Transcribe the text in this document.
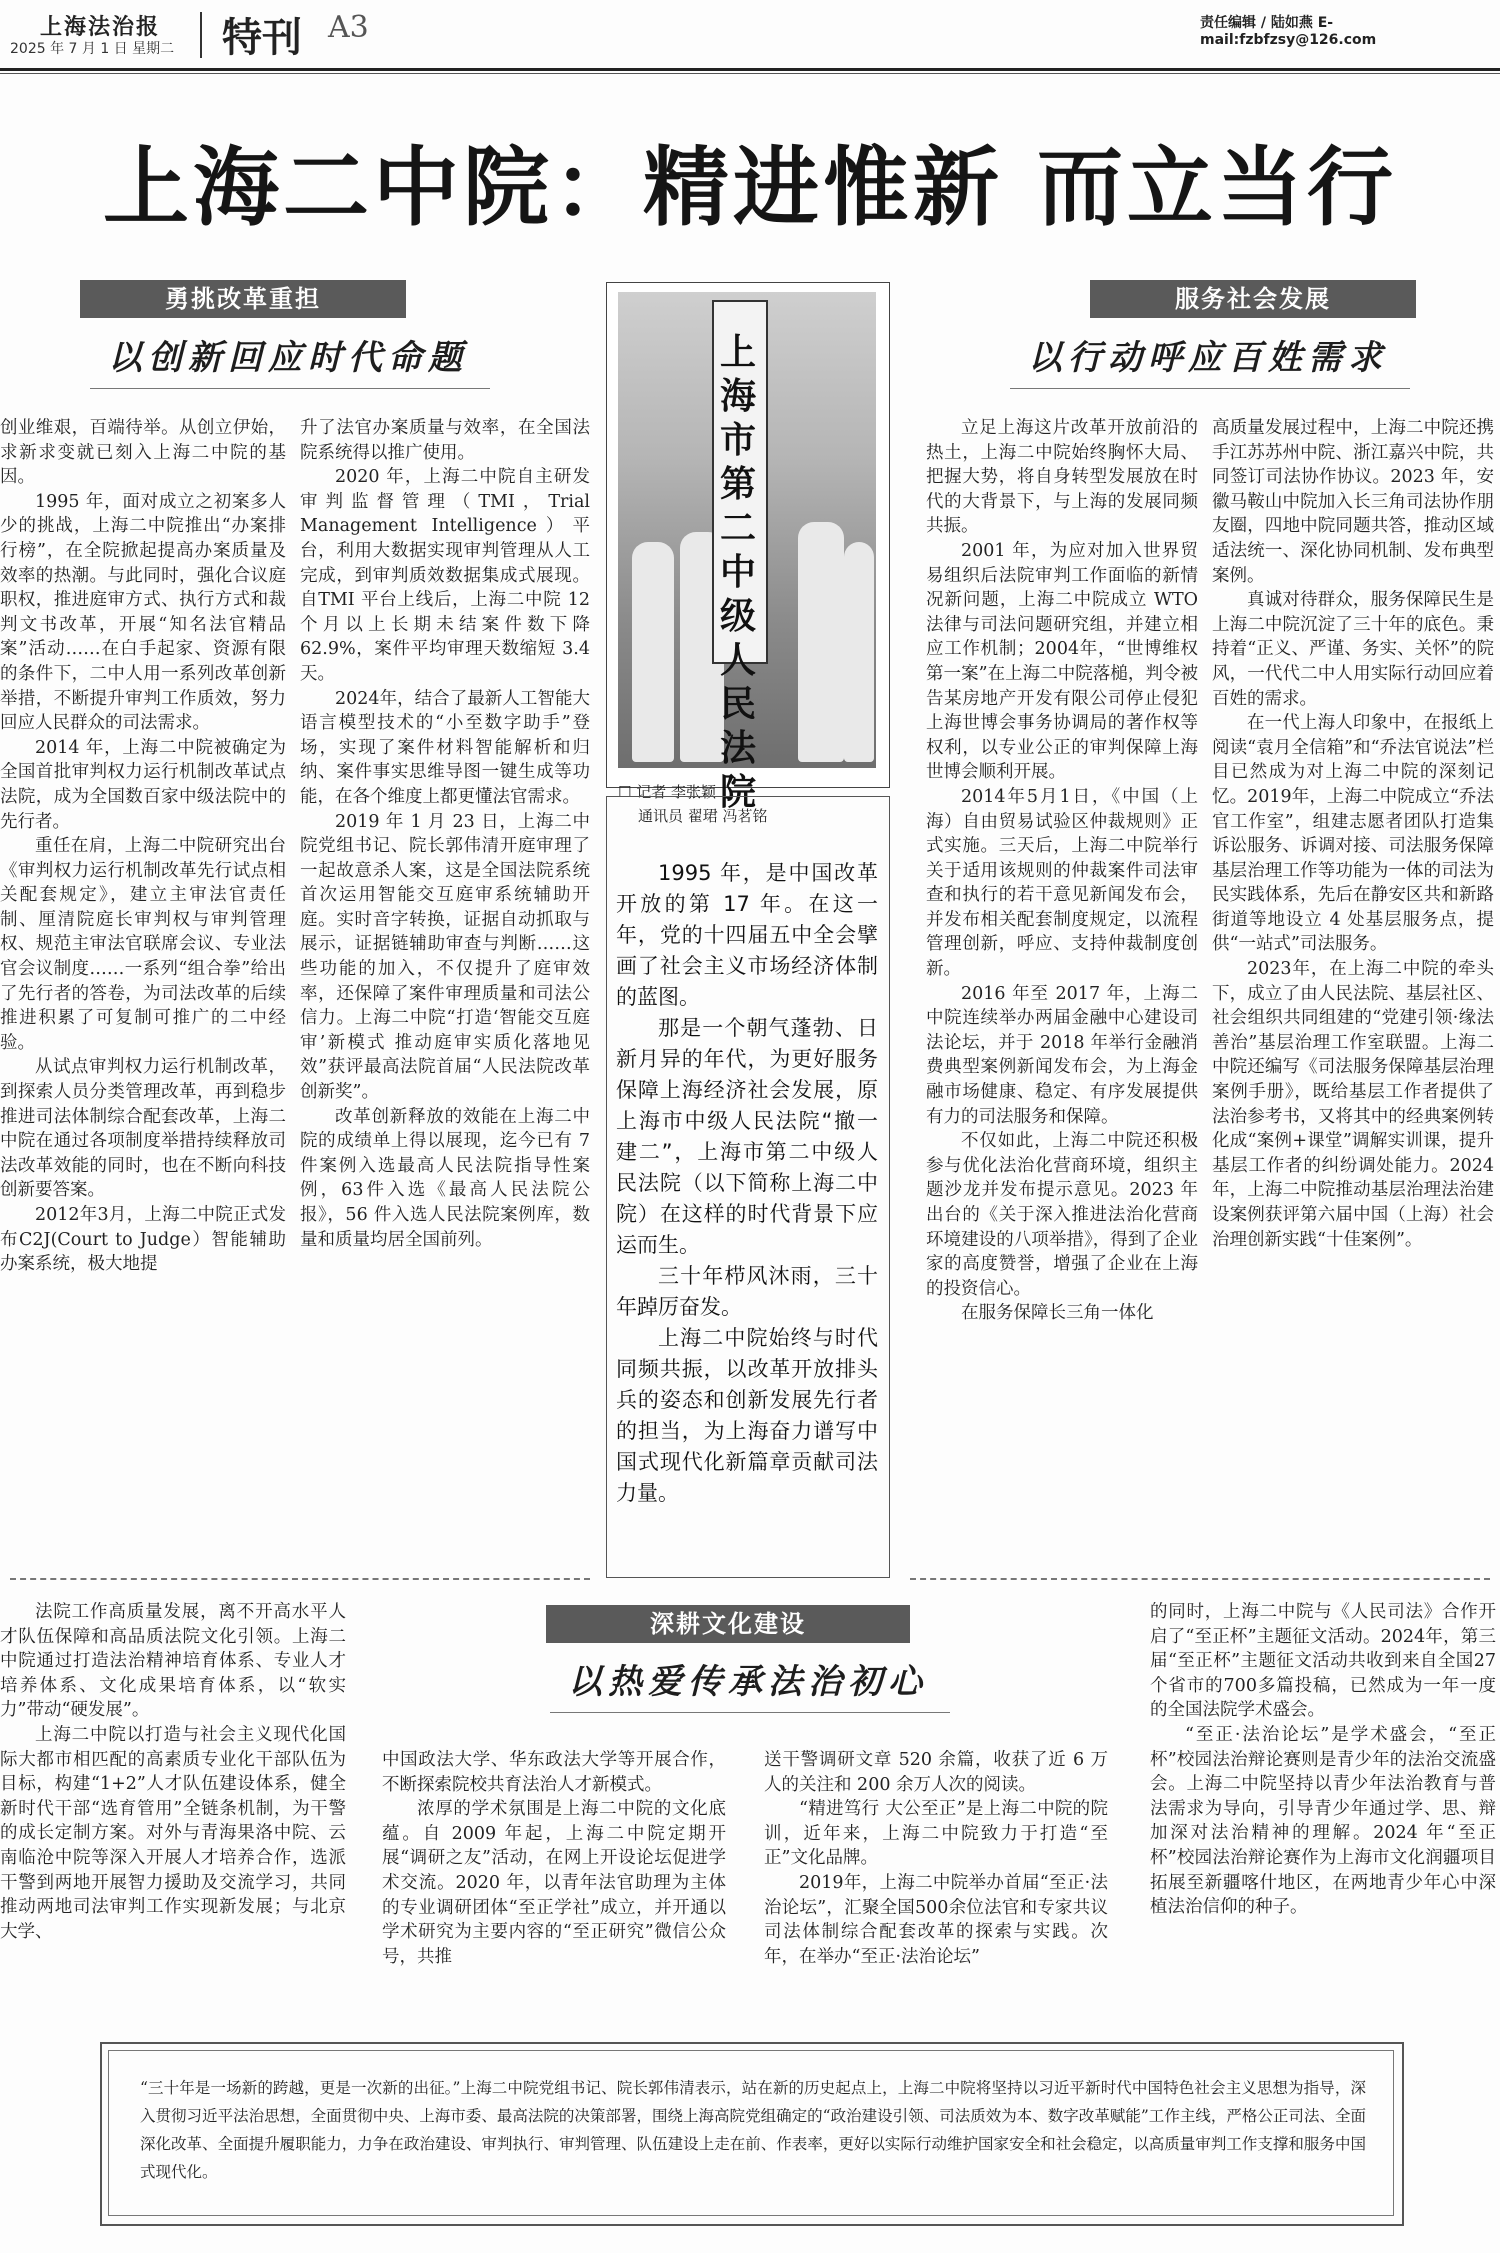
上海法治报
2025 年 7 月 1 日 星期二 特刊 A3	责任编辑 / 陆如燕 E-mail:fzbfzsy@126.com
上海二中院：精进惟新 而立当行
勇挑改革重担
以创新回应时代命题

创业维艰，百端待举。从创立伊始，求新求变就已刻入上海二中院的基因。

1995 年，面对成立之初案多人少的挑战，上海二中院推出“办案排行榜”，在全院掀起提高办案质量及效率的热潮。与此同时，强化合议庭职权，推进庭审方式、执行方式和裁判文书改革，开展“知名法官精品案”活动……在白手起家、资源有限的条件下，二中人用一系列改革创新举措，不断提升审判工作质效，努力回应人民群众的司法需求。

2014 年，上海二中院被确定为全国首批审判权力运行机制改革试点法院，成为全国数百家中级法院中的先行者。

重任在肩，上海二中院研究出台《审判权力运行机制改革先行试点相关配套规定》，建立主审法官责任制、厘清院庭长审判权与审判管理权、规范主审法官联席会议、专业法官会议制度……一系列“组合拳”给出了先行者的答卷，为司法改革的后续推进积累了可复制可推广的二中经验。

从试点审判权力运行机制改革，到探索人员分类管理改革，再到稳步推进司法体制综合配套改革，上海二中院在通过各项制度举措持续释放司法改革效能的同时，也在不断向科技创新要答案。

2012年3月，上海二中院正式发布C2J(Court to Judge）智能辅助办案系统，极大地提

升了法官办案质量与效率，在全国法院系统得以推广使用。

2020 年，上海二中院自主研发审判监督管理（TMI，Trial Management Intelligence）平台，利用大数据实现审判管理从人工完成，到审判质效数据集成式展现。自TMI 平台上线后，上海二中院 12 个月以上长期未结案件数下降 62.9%，案件平均审理天数缩短 3.4 天。

2024年，结合了最新人工智能大语言模型技术的“小至数字助手”登场，实现了案件材料智能解析和归纳、案件事实思维导图一键生成等功能，在各个维度上都更懂法官需求。

2019 年 1 月 23 日，上海二中院党组书记、院长郭伟清开庭审理了一起故意杀人案，这是全国法院系统首次运用智能交互庭审系统辅助开庭。实时音字转换，证据自动抓取与展示，证据链辅助审查与判断……这些功能的加入，不仅提升了庭审效率，还保障了案件审理质量和司法公信力。上海二中院“打造‘智能交互庭审’新模式 推动庭审实质化落地见效”获评最高法院首届“人民法院改革创新奖”。

改革创新释放的效能在上海二中院的成绩单上得以展现，迄今已有 7 件案例入选最高人民法院指导性案例，63件入选《最高人民法院公报》，56 件入选人民法院案例库，数量和质量均居全国前列。

上海市第二中级人民法院
☐ 记者 李张颖
通讯员 翟珺 冯茗铭

1995 年，是中国改革开放的第 17 年。在这一年，党的十四届五中全会擘画了社会主义市场经济体制的蓝图。

那是一个朝气蓬勃、日新月异的年代，为更好服务保障上海经济社会发展，原上海市中级人民法院“撤一建二”，上海市第二中级人民法院（以下简称上海二中院）在这样的时代背景下应运而生。

三十年栉风沐雨，三十年踔厉奋发。

上海二中院始终与时代同频共振，以改革开放排头兵的姿态和创新发展先行者的担当，为上海奋力谱写中国式现代化新篇章贡献司法力量。

服务社会发展
以行动呼应百姓需求

立足上海这片改革开放前沿的热土，上海二中院始终胸怀大局、把握大势，将自身转型发展放在时代的大背景下，与上海的发展同频共振。

2001 年，为应对加入世界贸易组织后法院审判工作面临的新情况新问题，上海二中院成立 WTO 法律与司法问题研究组，并建立相应工作机制；2004年，“世博维权第一案”在上海二中院落槌，判令被告某房地产开发有限公司停止侵犯上海世博会事务协调局的著作权等权利，以专业公正的审判保障上海世博会顺利开展。

2014年5月1日，《中国（上海）自由贸易试验区仲裁规则》正式实施。三天后，上海二中院举行关于适用该规则的仲裁案件司法审查和执行的若干意见新闻发布会，并发布相关配套制度规定，以流程管理创新，呼应、支持仲裁制度创新。

2016 年至 2017 年，上海二中院连续举办两届金融中心建设司法论坛，并于 2018 年举行金融消费典型案例新闻发布会，为上海金融市场健康、稳定、有序发展提供有力的司法服务和保障。

不仅如此，上海二中院还积极参与优化法治化营商环境，组织主题沙龙并发布提示意见。2023 年出台的《关于深入推进法治化营商环境建设的八项举措》，得到了企业家的高度赞誉，增强了企业在上海的投资信心。

在服务保障长三角一体化

高质量发展过程中，上海二中院还携手江苏苏州中院、浙江嘉兴中院，共同签订司法协作协议。2023 年，安徽马鞍山中院加入长三角司法协作朋友圈，四地中院同题共答，推动区域适法统一、深化协同机制、发布典型案例。

真诚对待群众，服务保障民生是上海二中院沉淀了三十年的底色。秉持着“正义、严谨、务实、关怀”的院风，一代代二中人用实际行动回应着百姓的需求。

在一代上海人印象中，在报纸上阅读“袁月全信箱”和“乔法官说法”栏目已然成为对上海二中院的深刻记忆。2019年，上海二中院成立“乔法官工作室”，组建志愿者团队打造集诉讼服务、诉调对接、司法服务保障基层治理工作等功能为一体的司法为民实践体系，先后在静安区共和新路街道等地设立 4 处基层服务点，提供“一站式”司法服务。

2023年，在上海二中院的牵头下，成立了由人民法院、基层社区、社会组织共同组建的“党建引领·缘法善治”基层治理工作室联盟。上海二中院还编写《司法服务保障基层治理案例手册》，既给基层工作者提供了法治参考书，又将其中的经典案例转化成“案例+课堂”调解实训课，提升基层工作者的纠纷调处能力。2024年，上海二中院推动基层治理法治建设案例获评第六届中国（上海）社会治理创新实践“十佳案例”。

深耕文化建设
以热爱传承法治初心

法院工作高质量发展，离不开高水平人才队伍保障和高品质法院文化引领。上海二中院通过打造法治精神培育体系、专业人才培养体系、文化成果培育体系，以“软实力”带动“硬发展”。

上海二中院以打造与社会主义现代化国际大都市相匹配的高素质专业化干部队伍为目标，构建“1+2”人才队伍建设体系，健全新时代干部“选育管用”全链条机制，为干警的成长定制方案。对外与青海果洛中院、云南临沧中院等深入开展人才培养合作，选派干警到两地开展智力援助及交流学习，共同推动两地司法审判工作实现新发展；与北京大学、

中国政法大学、华东政法大学等开展合作，不断探索院校共育法治人才新模式。

浓厚的学术氛围是上海二中院的文化底蕴。自 2009 年起，上海二中院定期开展“调研之友”活动，在网上开设论坛促进学术交流。2020 年，以青年法官助理为主体的专业调研团体“至正学社”成立，并开通以学术研究为主要内容的“至正研究”微信公众号，共推

送干警调研文章 520 余篇，收获了近 6 万人的关注和 200 余万人次的阅读。

“精进笃行 大公至正”是上海二中院的院训，近年来，上海二中院致力于打造“至正”文化品牌。

2019年，上海二中院举办首届“至正·法治论坛”，汇聚全国500余位法官和专家共议司法体制综合配套改革的探索与实践。次年，在举办“至正·法治论坛”

的同时，上海二中院与《人民司法》合作开启了“至正杯”主题征文活动。2024年，第三届“至正杯”主题征文活动共收到来自全国27个省市的700多篇投稿，已然成为一年一度的全国法院学术盛会。

“至正·法治论坛”是学术盛会，“至正杯”校园法治辩论赛则是青少年的法治交流盛会。上海二中院坚持以青少年法治教育与普法需求为导向，引导青少年通过学、思、辩加深对法治精神的理解。2024 年“至正杯”校园法治辩论赛作为上海市文化润疆项目拓展至新疆喀什地区，在两地青少年心中深植法治信仰的种子。

“三十年是一场新的跨越，更是一次新的出征。”上海二中院党组书记、院长郭伟清表示，站在新的历史起点上，上海二中院将坚持以习近平新时代中国特色社会主义思想为指导，深入贯彻习近平法治思想，全面贯彻中央、上海市委、最高法院的决策部署，围绕上海高院党组确定的“政治建设引领、司法质效为本、数字改革赋能”工作主线，严格公正司法、全面深化改革、全面提升履职能力，力争在政治建设、审判执行、审判管理、队伍建设上走在前、作表率，更好以实际行动维护国家安全和社会稳定，以高质量审判工作支撑和服务中国式现代化。
